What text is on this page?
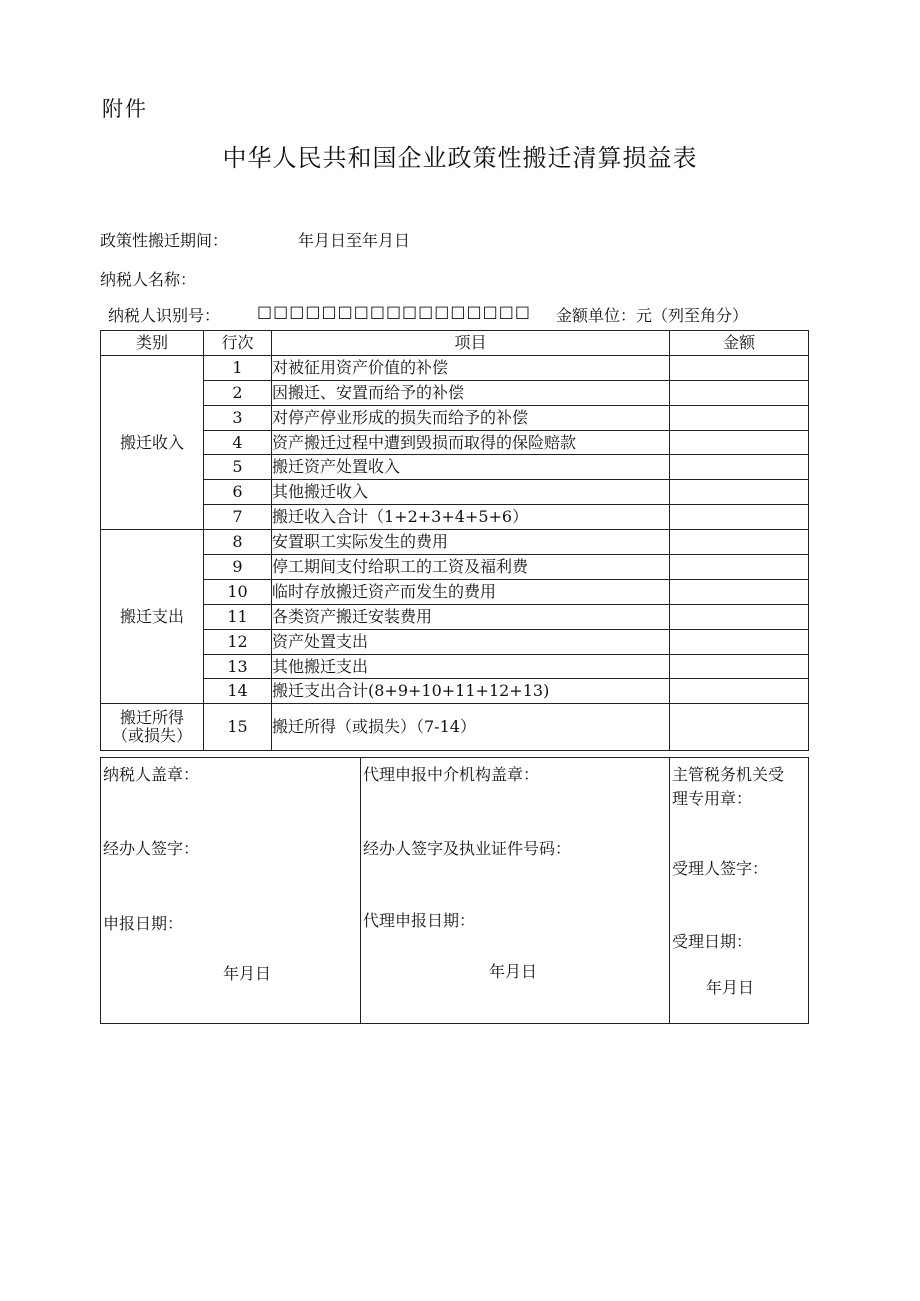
附件
中华人民共和国企业政策性搬迁清算损益表
政策性搬迁期间：	年月日至年月日
纳税人名称：
纳税人识别号： □□□□□□□□□□□□□□□□□ 金额单位：元（列至角分）
类别	行次	项目	金额
搬迁收入	1	对被征用资产价值的补偿	
	2	因搬迁、安置而给予的补偿	
	3	对停产停业形成的损失而给予的补偿	
	4	资产搬迁过程中遭到毁损而取得的保险赔款	
	5	搬迁资产处置收入	
	6	其他搬迁收入	
	7	搬迁收入合计（1+2+3+4+5+6）	
搬迁支出	8	安置职工实际发生的费用	
	9	停工期间支付给职工的工资及福利费	
	10	临时存放搬迁资产而发生的费用	
	11	各类资产搬迁安装费用	
	12	资产处置支出	
	13	其他搬迁支出	
	14	搬迁支出合计(8+9+10+11+12+13)	

搬迁所得
（或损失）	15	搬迁所得（或损失）（7-14）	
纳税人盖章：
经办人签字：
申报日期：
年月日

代理申报中介机构盖章：
经办人签字及执业证件号码：
代理申报日期：
年月日

主管税务机关受
理专用章：
受理人签字：
受理日期：
年月日
